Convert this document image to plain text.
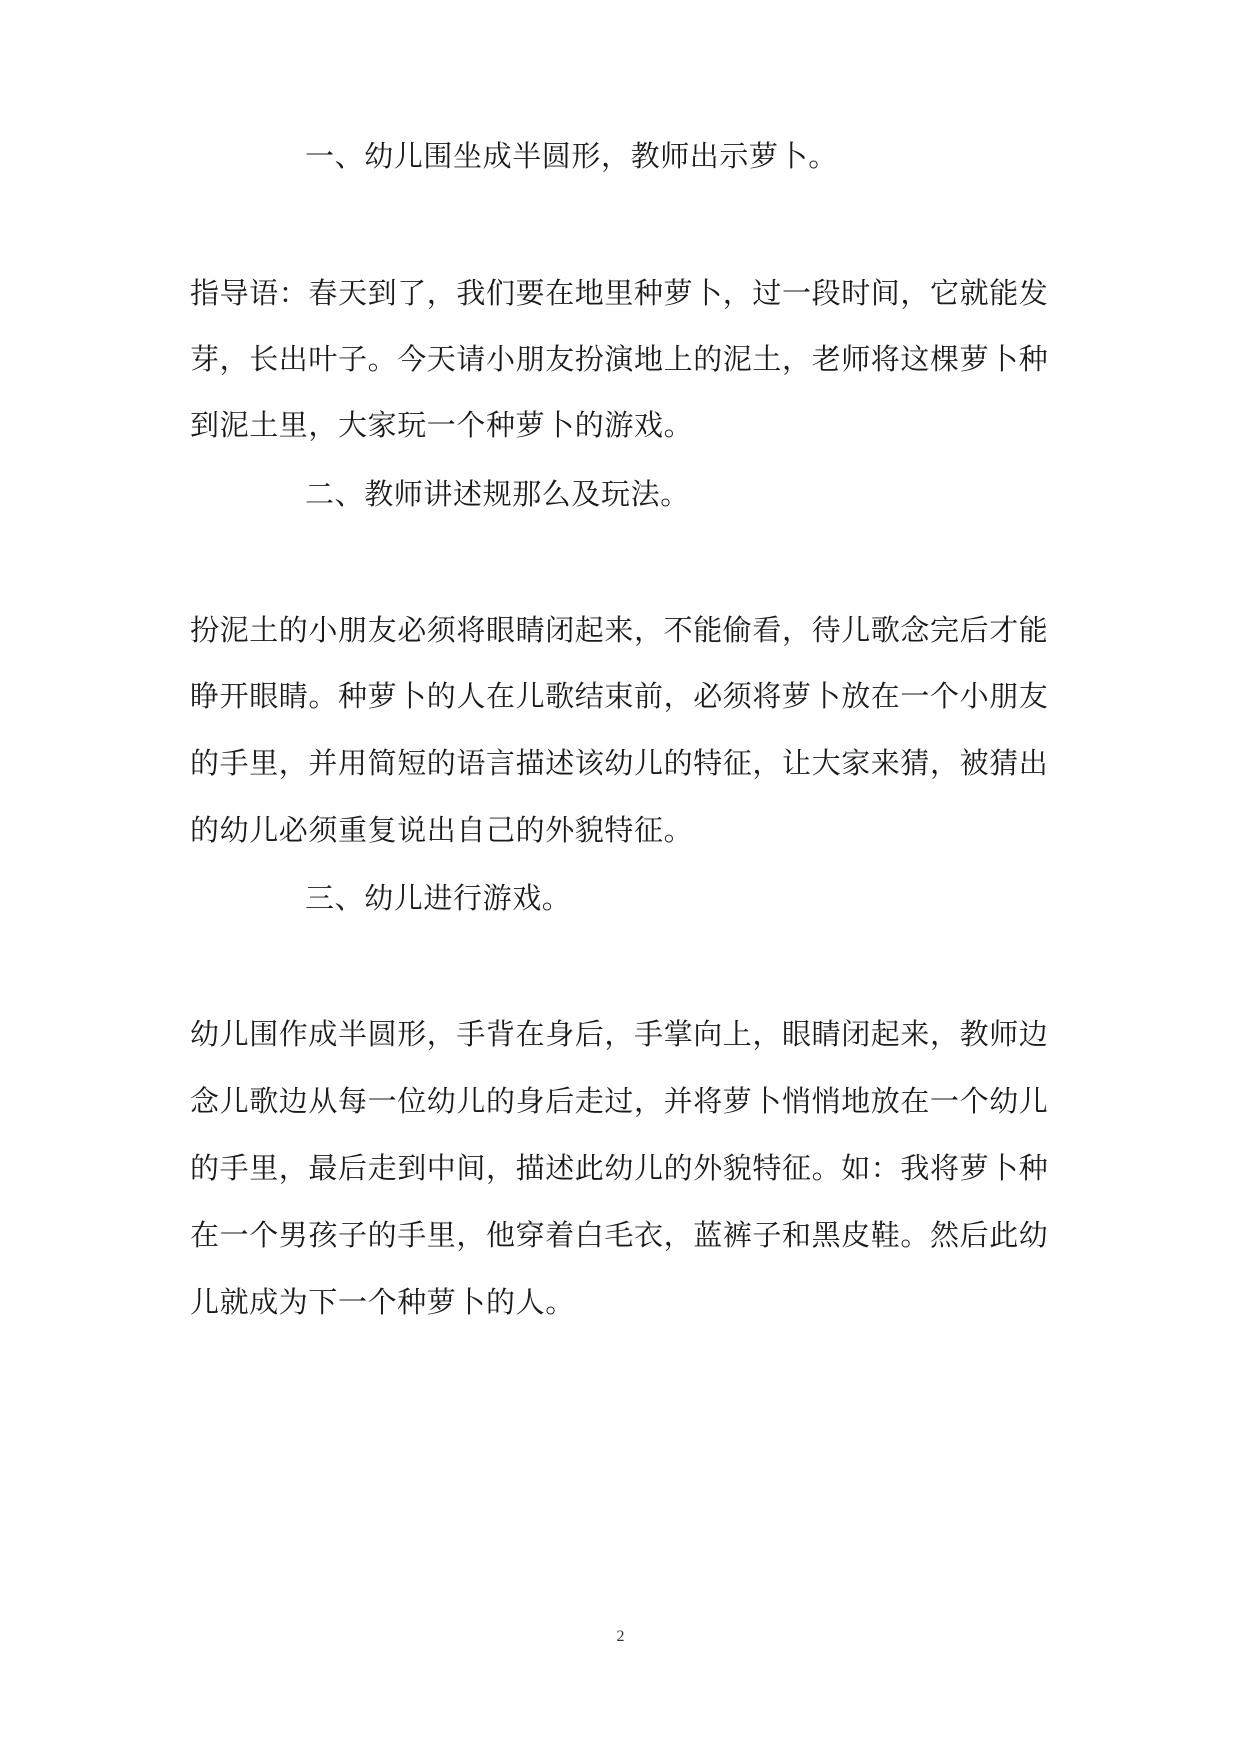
一、幼儿围坐成半圆形，教师出示萝卜。
指导语：春天到了，我们要在地里种萝卜，过一段时间，它就能发
芽，长出叶子。今天请小朋友扮演地上的泥土，老师将这棵萝卜种
到泥土里，大家玩一个种萝卜的游戏。
二、教师讲述规那么及玩法。
扮泥土的小朋友必须将眼睛闭起来，不能偷看，待儿歌念完后才能
睁开眼睛。种萝卜的人在儿歌结束前，必须将萝卜放在一个小朋友
的手里，并用简短的语言描述该幼儿的特征，让大家来猜，被猜出
的幼儿必须重复说出自己的外貌特征。
三、幼儿进行游戏。
幼儿围作成半圆形，手背在身后，手掌向上，眼睛闭起来，教师边
念儿歌边从每一位幼儿的身后走过，并将萝卜悄悄地放在一个幼儿
的手里，最后走到中间，描述此幼儿的外貌特征。如：我将萝卜种
在一个男孩子的手里，他穿着白毛衣，蓝裤子和黑皮鞋。然后此幼
儿就成为下一个种萝卜的人。
2
